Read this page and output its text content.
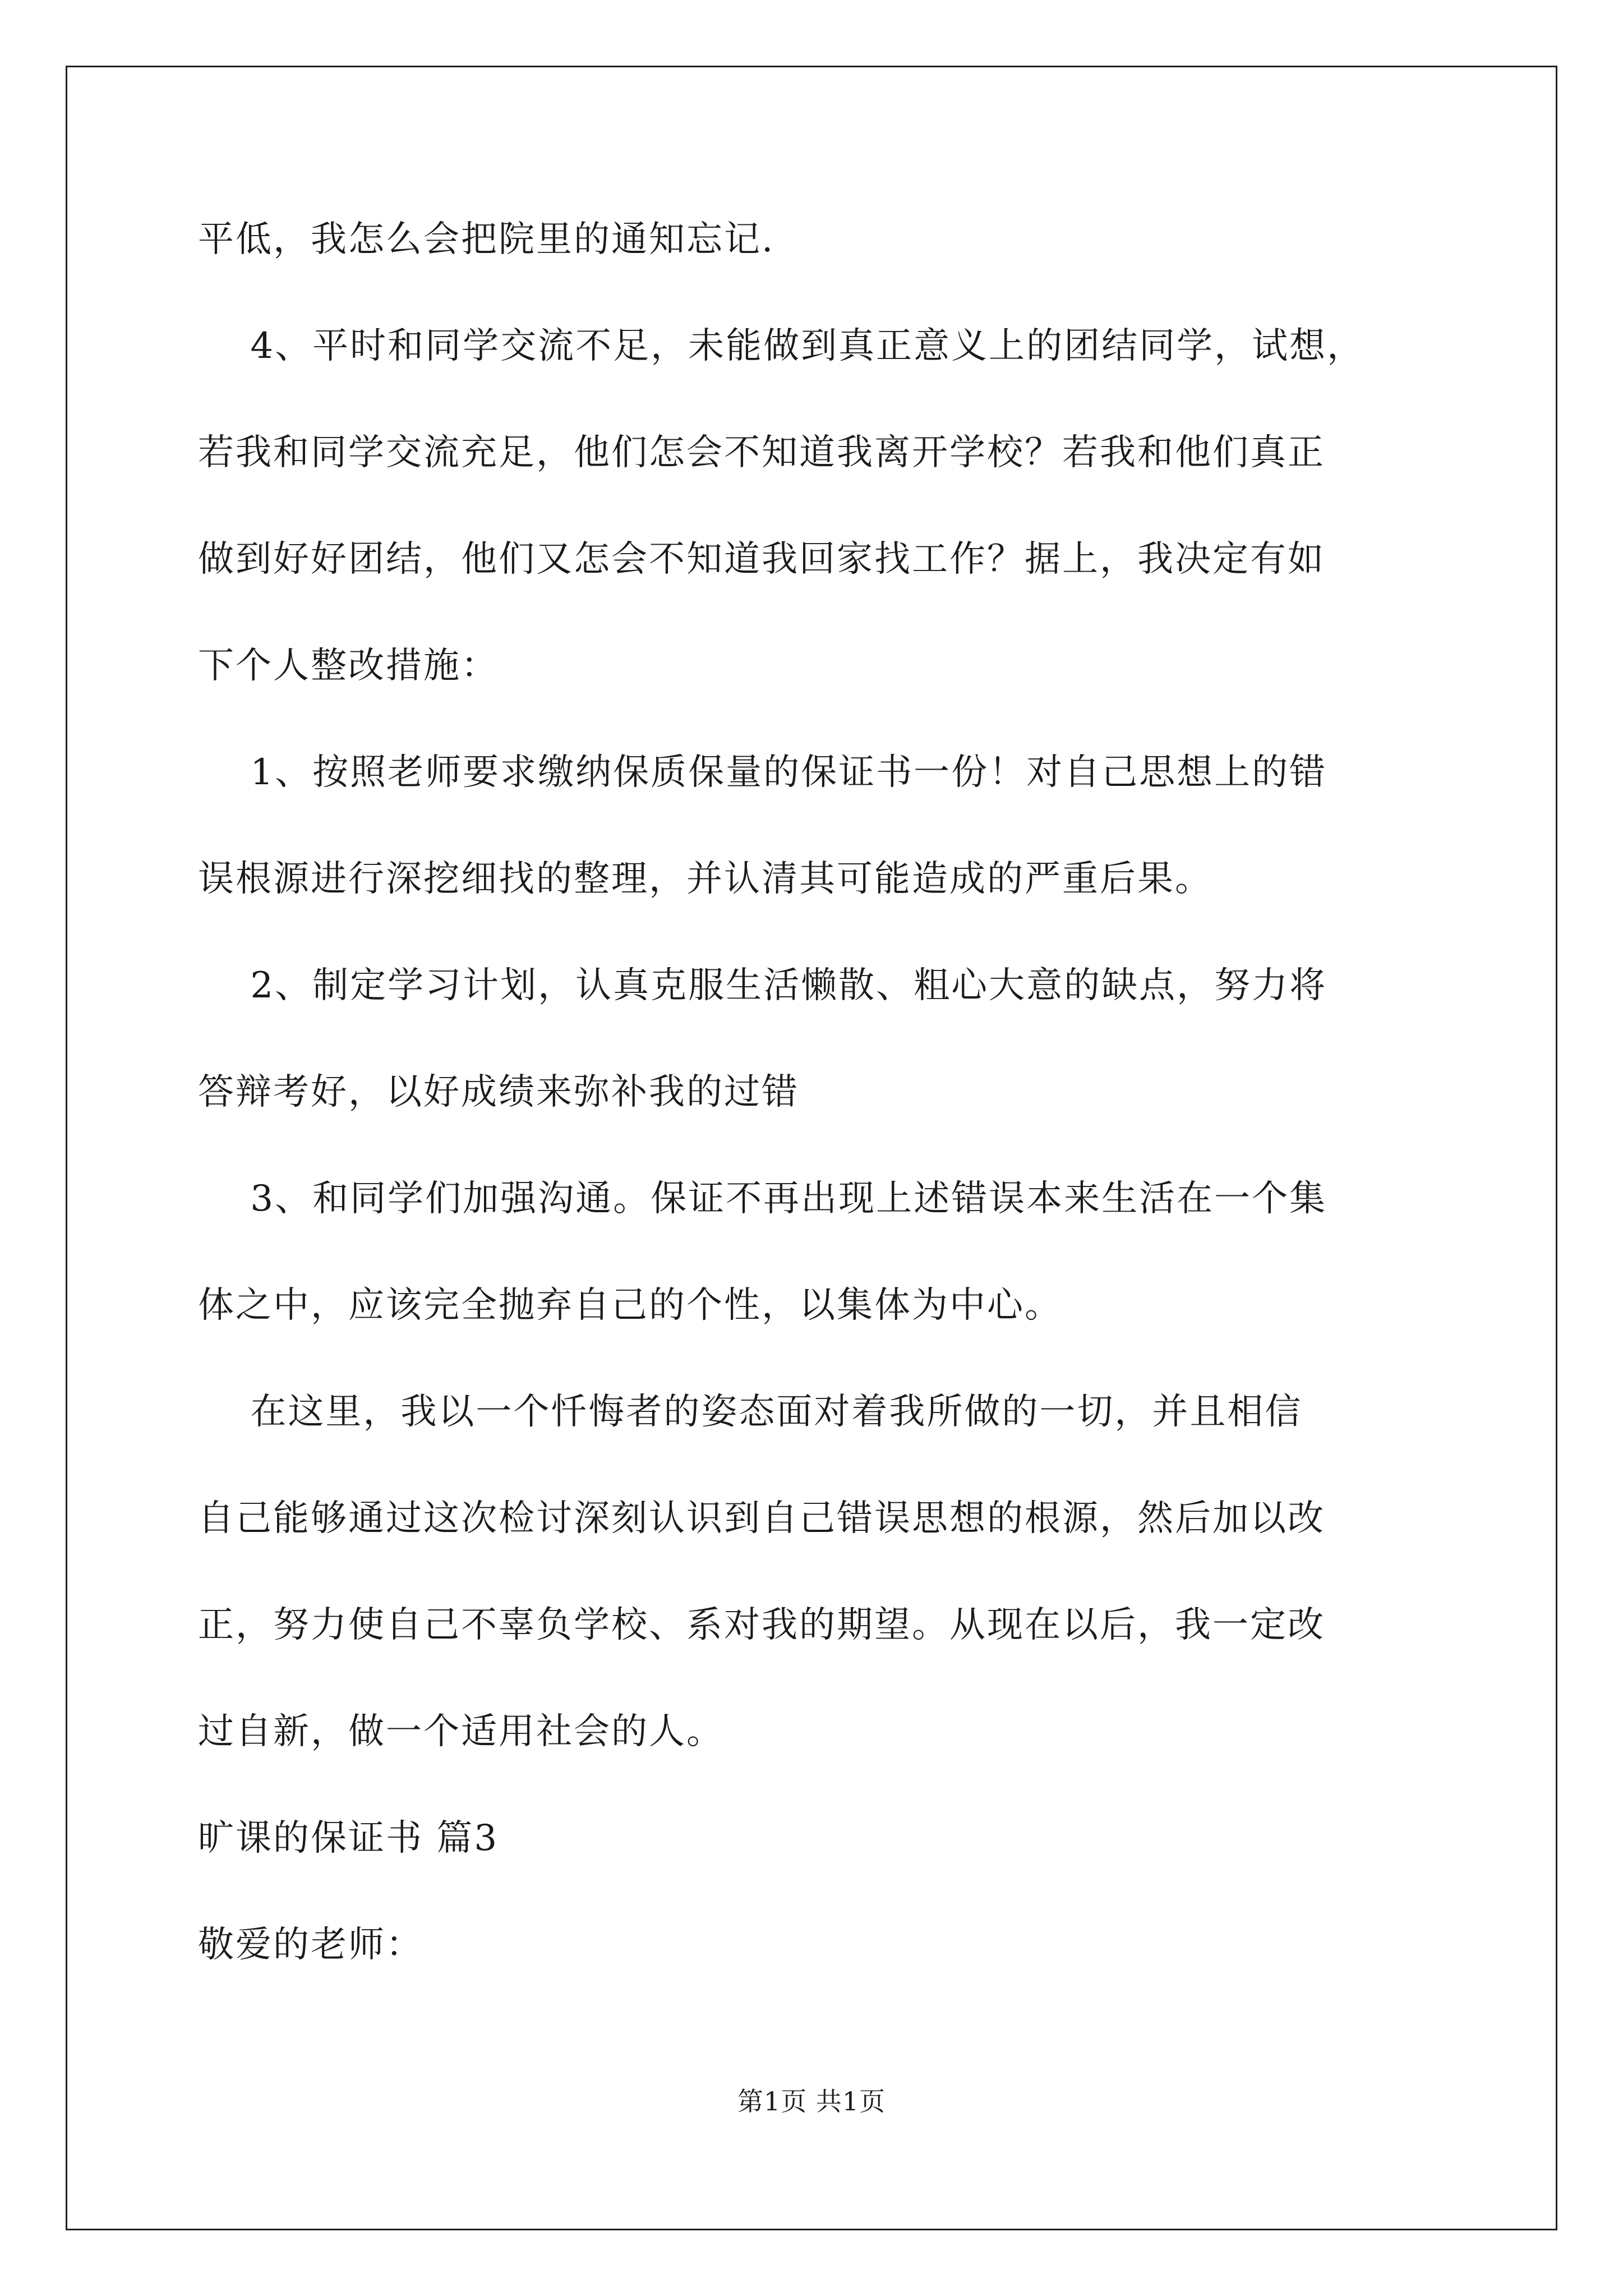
平低，我怎么会把院里的通知忘记.

4、平时和同学交流不足，未能做到真正意义上的团结同学，试想，

若我和同学交流充足，他们怎会不知道我离开学校？若我和他们真正

做到好好团结，他们又怎会不知道我回家找工作？据上，我决定有如

下个人整改措施：

1、按照老师要求缴纳保质保量的保证书一份！对自己思想上的错

误根源进行深挖细找的整理，并认清其可能造成的严重后果。

2、制定学习计划，认真克服生活懒散、粗心大意的缺点，努力将

答辩考好，以好成绩来弥补我的过错

3、和同学们加强沟通。保证不再出现上述错误本来生活在一个集

体之中，应该完全抛弃自己的个性，以集体为中心。

在这里，我以一个忏悔者的姿态面对着我所做的一切，并且相信

自己能够通过这次检讨深刻认识到自己错误思想的根源，然后加以改

正，努力使自己不辜负学校、系对我的期望。从现在以后，我一定改

过自新，做一个适用社会的人。

旷课的保证书 篇3

敬爱的老师：

第1页 共1页
